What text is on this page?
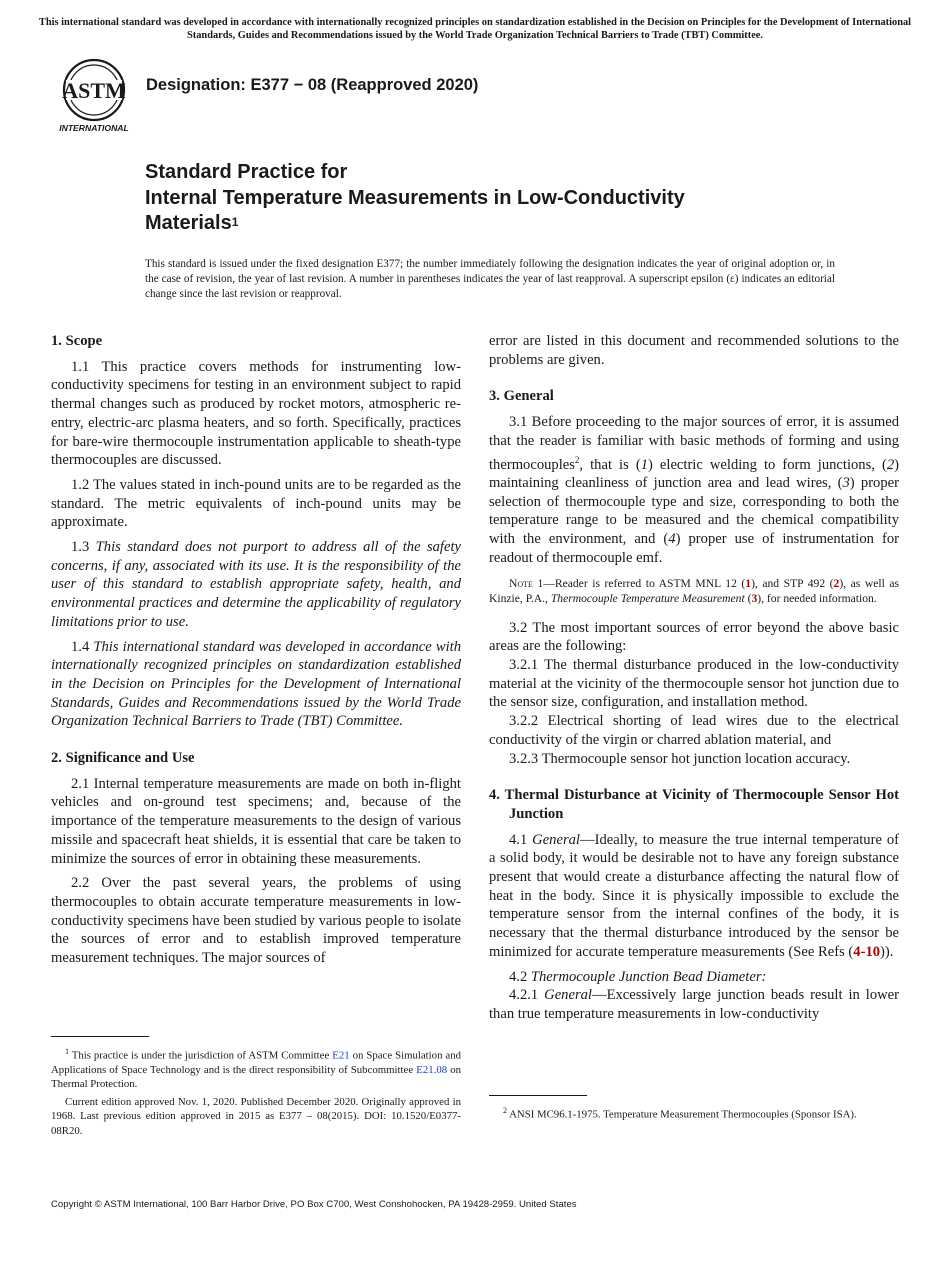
This international standard was developed in accordance with internationally recognized principles on standardization established in the Decision on Principles for the Development of International Standards, Guides and Recommendations issued by the World Trade Organization Technical Barriers to Trade (TBT) Committee.
ASTM
INTERNATIONAL
Designation: E377 − 08 (Reapproved 2020)
Standard Practice for
Internal Temperature Measurements in Low-Conductivity
Materials$^1$
This standard is issued under the fixed designation E377; the number immediately following the designation indicates the year of original adoption or, in the case of revision, the year of last revision. A number in parentheses indicates the year of last reapproval. A superscript epsilon (ε) indicates an editorial change since the last revision or reapproval.
1. Scope

1.1 This practice covers methods for instrumenting low-conductivity specimens for testing in an environment subject to rapid thermal changes such as produced by rocket motors, atmospheric re-entry, electric-arc plasma heaters, and so forth. Specifically, practices for bare-wire thermocouple instrumentation applicable to sheath-type thermocouples are discussed.

1.2 The values stated in inch-pound units are to be regarded as the standard. The metric equivalents of inch-pound units may be approximate.

1.3 This standard does not purport to address all of the safety concerns, if any, associated with its use. It is the responsibility of the user of this standard to establish appropriate safety, health, and environmental practices and determine the applicability of regulatory limitations prior to use.

1.4 This international standard was developed in accordance with internationally recognized principles on standardization established in the Decision on Principles for the Development of International Standards, Guides and Recommendations issued by the World Trade Organization Technical Barriers to Trade (TBT) Committee.

2. Significance and Use

2.1 Internal temperature measurements are made on both in-flight vehicles and on-ground test specimens; and, because of the importance of the temperature measurements to the design of various missile and spacecraft heat shields, it is essential that care be taken to minimize the sources of error in obtaining these measurements.

2.2 Over the past several years, the problems of using thermocouples to obtain accurate temperature measurements in low-conductivity specimens have been studied by various people to isolate the sources of error and to establish improved temperature measurement techniques. The major sources of

$^1$ This practice is under the jurisdiction of ASTM Committee E21 on Space Simulation and Applications of Space Technology and is the direct responsibility of Subcommittee E21.08 on Thermal Protection.

Current edition approved Nov. 1, 2020. Published December 2020. Originally approved in 1968. Last previous edition approved in 2015 as E377 – 08(2015). DOI: 10.1520/E0377-08R20.

error are listed in this document and recommended solutions to the problems are given.

3. General

3.1 Before proceeding to the major sources of error, it is assumed that the reader is familiar with basic methods of forming and using thermocouples$^2$, that is (1) electric welding to form junctions, (2) maintaining cleanliness of junction area and lead wires, (3) proper selection of thermocouple type and size, corresponding to both the temperature range to be measured and the chemical compatibility with the environment, and (4) proper use of instrumentation for readout of thermocouple emf.

Note 1—Reader is referred to ASTM MNL 12 (1), and STP 492 (2), as well as Kinzie, P.A., Thermocouple Temperature Measurement (3), for needed information.

3.2 The most important sources of error beyond the above basic areas are the following:

3.2.1 The thermal disturbance produced in the low-conductivity material at the vicinity of the thermocouple sensor hot junction due to the sensor size, configuration, and installation method.

3.2.2 Electrical shorting of lead wires due to the electrical conductivity of the virgin or charred ablation material, and

3.2.3 Thermocouple sensor hot junction location accuracy.

4. Thermal Disturbance at Vicinity of Thermocouple Sensor Hot Junction

4.1 General—Ideally, to measure the true internal temperature of a solid body, it would be desirable not to have any foreign substance present that would create a disturbance affecting the natural flow of heat in the body. Since it is physically impossible to exclude the temperature sensor from the internal confines of the body, it is necessary that the thermal disturbance introduced by the sensor be minimized for accurate temperature measurements (See Refs (4-10)).

4.2 Thermocouple Junction Bead Diameter:

4.2.1 General—Excessively large junction beads result in lower than true temperature measurements in low-conductivity

$^2$ ANSI MC96.1-1975. Temperature Measurement Thermocouples (Sponsor ISA).

Copyright © ASTM International, 100 Barr Harbor Drive, PO Box C700, West Conshohocken, PA 19428-2959. United States
